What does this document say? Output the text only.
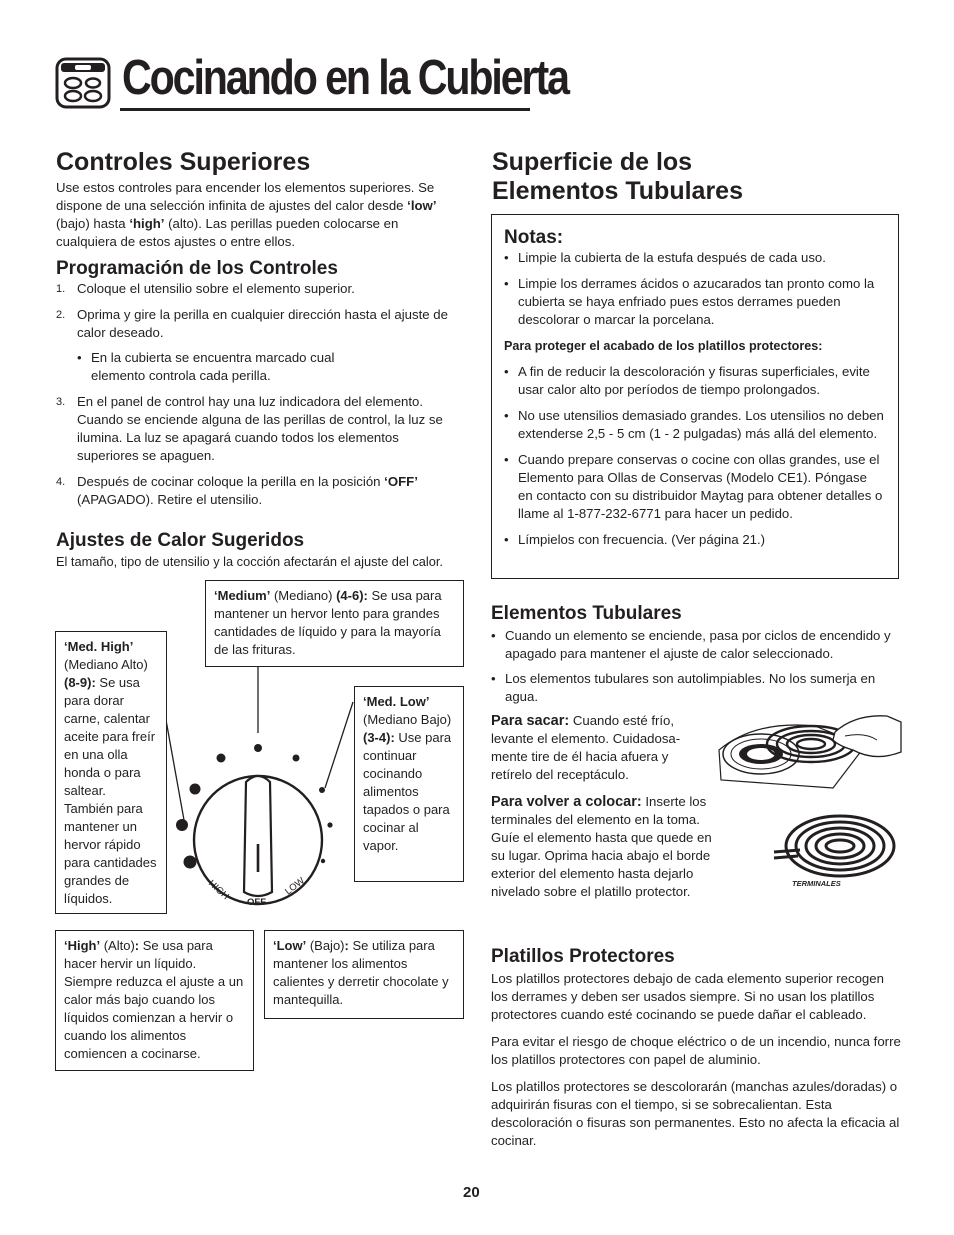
Cocinando en la Cubierta
Controles Superiores
Use estos controles para encender los elementos superiores. Se dispone de una selección infinita de ajustes del calor desde ‘low’ (bajo) hasta ‘high’ (alto). Las perillas pueden colocarse en cualquiera de estos ajustes o entre ellos.
Programación de los Controles
1. Coloque el utensilio sobre el elemento superior.
2. Oprima y gire la perilla en cualquier dirección hasta el ajuste de calor deseado.
• En la cubierta se encuentra marcado cual elemento controla cada perilla.
3. En el panel de control hay una luz indicadora del elemento. Cuando se enciende alguna de las perillas de control, la luz se ilumina. La luz se apagará cuando todos los elementos superiores se apaguen.
4. Después de cocinar coloque la perilla en la posición ‘OFF’ (APAGADO). Retire el utensilio.
Ajustes de Calor Sugeridos
El tamaño, tipo de utensilio y la cocción afectarán el ajuste del calor.
HIGH
OFF
LOW
‘Medium’ (Mediano) (4-6): Se usa para mantener un hervor lento para grandes cantidades de líquido y para la mayoría de las frituras.
‘Med. High’ (Mediano Alto) (8-9): Se usa para dorar carne, calentar aceite para freír en una olla honda o para saltear. También para mantener un hervor rápido para cantidades grandes de líquidos.
‘Med. Low’ (Mediano Bajo) (3-4): Use para continuar cocinando alimentos tapados o para cocinar al vapor.
‘High’ (Alto): Se usa para hacer hervir un líquido. Siempre reduzca el ajuste a un calor más bajo cuando los líquidos comienzan a hervir o cuando los alimentos comiencen a cocinarse.
‘Low’ (Bajo): Se utiliza para mantener los alimentos calientes y derretir chocolate y mantequilla.
Superficie de los
Elementos Tubulares
Notas:
• Limpie la cubierta de la estufa después de cada uso.
• Limpie los derrames ácidos o azucarados tan pronto como la cubierta se haya enfriado pues estos derrames pueden descolorar o marcar la porcelana.
Para proteger el acabado de los platillos protectores:
• A fin de reducir la descoloración y fisuras superficiales, evite usar calor alto por períodos de tiempo prolongados.
• No use utensilios demasiado grandes. Los utensilios no deben extenderse 2,5 - 5 cm (1 - 2 pulgadas) más allá del elemento.
• Cuando prepare conservas o cocine con ollas grandes, use el Elemento para Ollas de Conservas (Modelo CE1). Póngase en contacto con su distribuidor Maytag para obtener detalles o llame al 1-877-232-6771 para hacer un pedido.
• Límpielos con frecuencia. (Ver página 21.)
Elementos Tubulares
• Cuando un elemento se enciende, pasa por ciclos de encendido y apagado para mantener el ajuste de calor seleccionado.
• Los elementos tubulares son autolimpiables. No los sumerja en agua.
Para sacar: Cuando esté frío, levante el elemento. Cuidadosa-mente tire de él hacia afuera y retírelo del receptáculo.
Para volver a colocar: Inserte los terminales del elemento en la toma. Guíe el elemento hasta que quede en su lugar. Oprima hacia abajo el borde exterior del elemento hasta dejarlo nivelado sobre el platillo protector.
TERMINALES
Platillos Protectores
Los platillos protectores debajo de cada elemento superior recogen los derrames y deben ser usados siempre. Si no usan los platillos protectores cuando esté cocinando se puede dañar el cableado.
Para evitar el riesgo de choque eléctrico o de un incendio, nunca forre los platillos protectores con papel de aluminio.
Los platillos protectores se descolorarán (manchas azules/doradas) o adquirirán fisuras con el tiempo, si se sobrecalientan. Esta descoloración o fisuras son permanentes. Esto no afecta la eficacia al cocinar.
20
